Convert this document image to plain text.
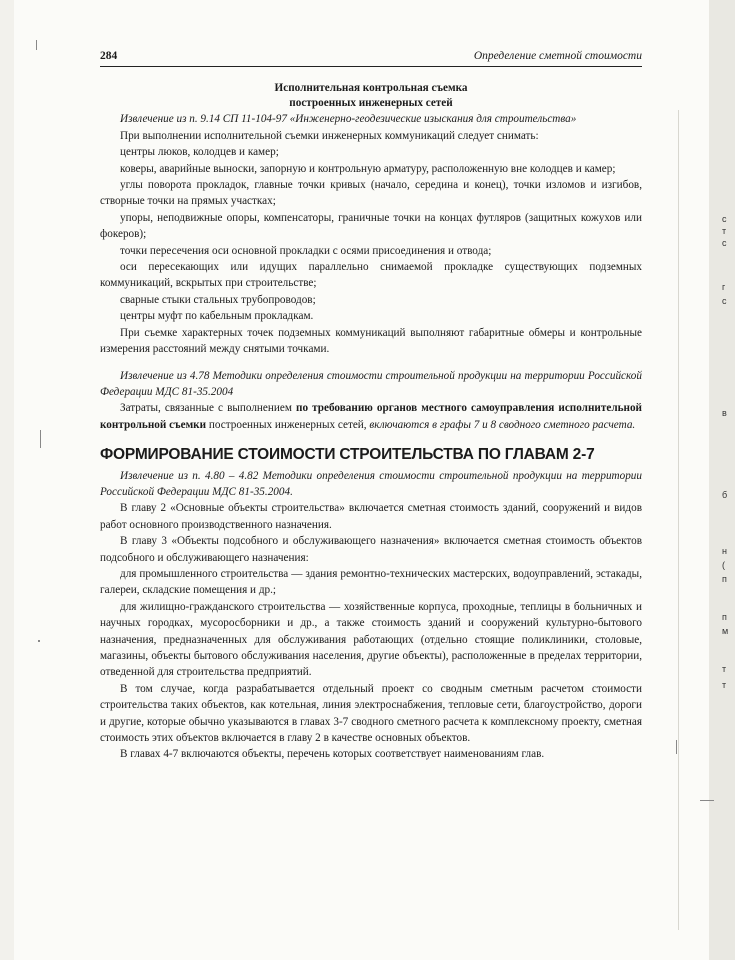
с
т
с
г
с
в
б
н
(
п
п
м
т
т
284	Определение сметной стоимости

Исполнительная контрольная съемка

построенных инженерных сетей

Извлечение из п. 9.14 СП 11-104-97 «Инженерно-геодезические изыскания для строительства»

При выполнении исполнительной съемки инженерных коммуникаций следует снимать:

центры люков, колодцев и камер;

коверы, аварийные выноски, запорную и контрольную арматуру, расположенную вне колодцев и камер;

углы поворота прокладок, главные точки кривых (начало, середина и конец), точки изломов и изгибов, створные точки на прямых участках;

упоры, неподвижные опоры, компенсаторы, граничные точки на концах футляров (защитных кожухов или фокеров);

точки пересечения оси основной прокладки с осями присоединения и отвода;

оси пересекающих или идущих параллельно снимаемой прокладке существующих подземных коммуникаций, вскрытых при строительстве;

сварные стыки стальных трубопроводов;

центры муфт по кабельным прокладкам.

При съемке характерных точек подземных коммуникаций выполняют габаритные обмеры и контрольные измерения расстояний между снятыми точками.

Извлечение из 4.78 Методики определения стоимости строительной продукции на территории Российской Федерации МДС 81-35.2004

Затраты, связанные с выполнением по требованию органов местного самоуправления исполнительной контрольной съемки построенных инженерных сетей, включаются в графы 7 и 8 сводного сметного расчета.

ФОРМИРОВАНИЕ СТОИМОСТИ СТРОИТЕЛЬСТВА ПО ГЛАВАМ 2-7

Извлечение из п. 4.80 – 4.82 Методики определения стоимости строительной продукции на территории Российской Федерации МДС 81-35.2004.

В главу 2 «Основные объекты строительства» включается сметная стоимость зданий, сооружений и видов работ основного производственного назначения.

В главу 3 «Объекты подсобного и обслуживающего назначения» включается сметная стоимость объектов подсобного и обслуживающего назначения:

для промышленного строительства — здания ремонтно-технических мастерских, водоуправлений, эстакады, галереи, складские помещения и др.;

для жилищно-гражданского строительства — хозяйственные корпуса, проходные, теплицы в больничных и научных городках, мусоросборники и др., а также стоимость зданий и сооружений культурно-бытового назначения, предназначенных для обслуживания работающих (отдельно стоящие поликлиники, столовые, магазины, объекты бытового обслуживания населения, другие объекты), расположенные в пределах территории, отведенной для строительства предприятий.

В том случае, когда разрабатывается отдельный проект со сводным сметным расчетом стоимости строительства таких объектов, как котельная, линия электроснабжения, тепловые сети, благоустройство, дороги и другие, которые обычно указываются в главах 3-7 сводного сметного расчета к комплексному проекту, сметная стоимость этих объектов включается в главу 2 в качестве основных объектов.

В главах 4-7 включаются объекты, перечень которых соответствует наименованиям глав.
